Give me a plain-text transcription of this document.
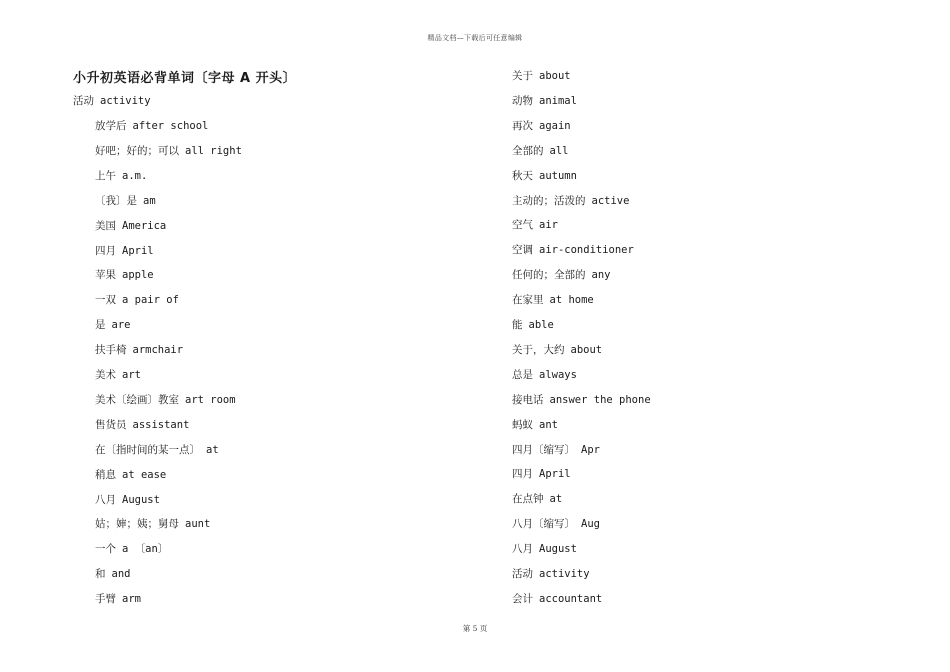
精品文档—下载后可任意编辑
小升初英语必背单词〔字母 A 开头〕
活动 activity
放学后 after school
好吧；好的；可以 all right
上午 a.m.
〔我〕是 am
美国 America
四月 April
苹果 apple
一双 a pair of
是 are
扶手椅 armchair
美术 art
美术〔绘画〕教室 art room
售货员 assistant
在〔指时间的某一点〕 at
稍息 at ease
八月 August
姑；婶；姨；舅母 aunt
一个 a 〔an〕
和 and
手臂 arm
关于 about
动物 animal
再次 again
全部的 all
秋天 autumn
主动的；活泼的 active
空气 air
空调 air-conditioner
任何的；全部的 any
在家里 at home
能 able
关于，大约 about
总是 always
接电话 answer the phone
蚂蚁 ant
四月〔缩写〕 Apr
四月 April
在点钟 at
八月〔缩写〕 Aug
八月 August
活动 activity
会计 accountant
第 5 页
